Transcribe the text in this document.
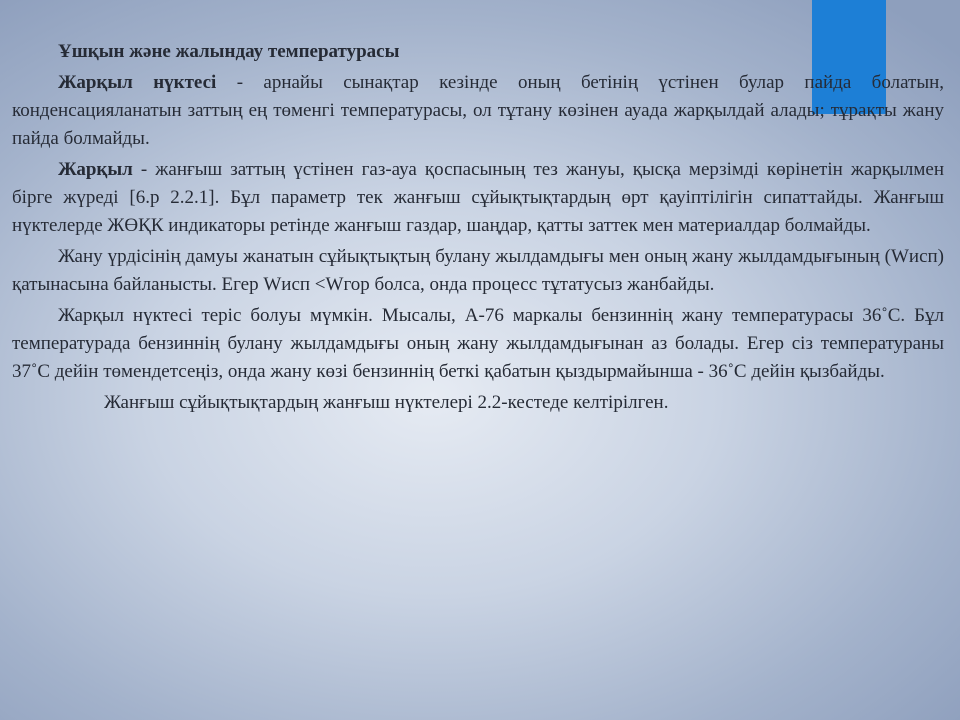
Ұшқын және жалындау температурасы

Жарқыл нүктесі - арнайы сынақтар кезінде оның бетінің үстінен булар пайда болатын, конденсацияланатын заттың ең төменгі температурасы, ол тұтану көзінен ауада жарқылдай алады; тұрақты жану пайда болмайды.

Жарқыл - жанғыш заттың үстінен газ-ауа қоспасының тез жануы, қысқа мерзімді көрінетін жарқылмен бірге жүреді [6.р 2.2.1]. Бұл параметр тек жанғыш сұйықтықтардың өрт қауіптілігін сипаттайды. Жанғыш нүктелерде ЖӨҚК индикаторы ретінде жанғыш газдар, шаңдар, қатты заттек мен материалдар болмайды.

Жану үрдісінің дамуы жанатын сұйықтықтың булану жылдамдығы мен оның жану жылдамдығының (Wисп) қатынасына байланысты. Егер Wисп <Wгор болса, онда процесс тұтатусыз жанбайды.

Жарқыл нүктесі теріс болуы мүмкін. Мысалы, А-76 маркалы бензиннің жану температурасы 36˚С. Бұл температурада бензиннің булану жылдамдығы оның жану жылдамдығынан аз болады. Егер сіз температураны 37˚С дейін төмендетсеңіз, онда жану көзі бензиннің беткі қабатын қыздырмайынша - 36˚С дейін қызбайды.

Жанғыш сұйықтықтардың жанғыш нүктелері 2.2-кестеде келтірілген.
